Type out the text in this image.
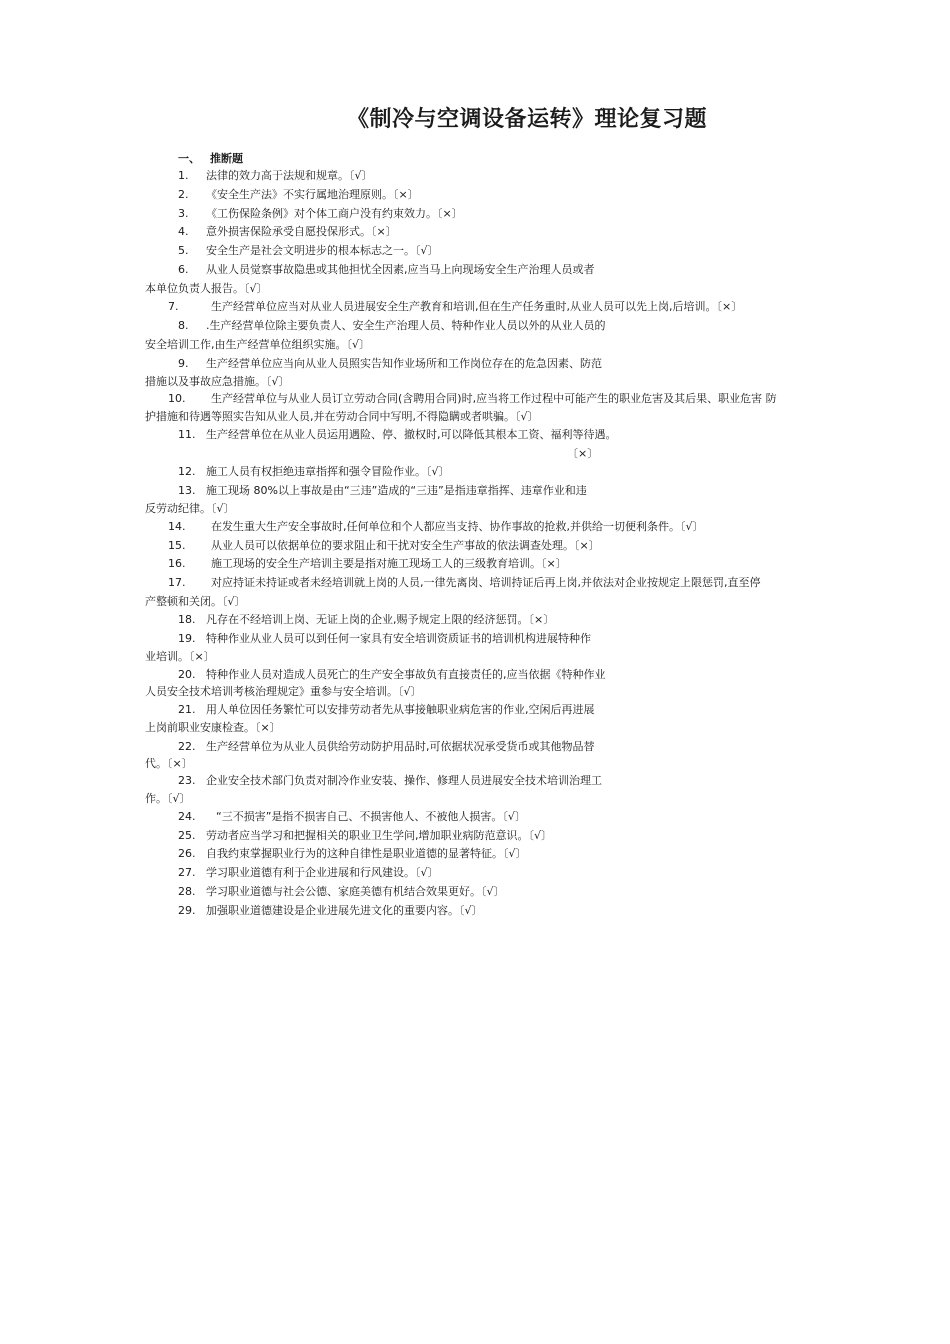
《制冷与空调设备运转》理论复习题
一、 推断题
1. 法律的效力高于法规和规章。〔√〕
2. 《安全生产法》不实行属地治理原则。〔×〕
3. 《工伤保险条例》对个体工商户没有约束效力。〔×〕
4. 意外损害保险承受自愿投保形式。〔×〕
5. 安全生产是社会文明进步的根本标志之一。〔√〕
6. 从业人员觉察事故隐患或其他担忧全因素,应当马上向现场安全生产治理人员或者
本单位负责人报告。〔√〕
7.	生产经营单位应当对从业人员进展安全生产教育和培训,但在生产任务重时,从业人员可以先上岗,后培训。〔×〕
8. .生产经营单位除主要负责人、安全生产治理人员、特种作业人员以外的从业人员的
安全培训工作,由生产经营单位组织实施。〔√〕
9. 生产经营单位应当向从业人员照实告知作业场所和工作岗位存在的危急因素、防范
措施以及事故应急措施。〔√〕
10. 生产经营单位与从业人员订立劳动合同(含聘用合同)时,应当将工作过程中可能产生的职业危害及其后果、职业危害 防
护措施和待遇等照实告知从业人员,并在劳动合同中写明,不得隐瞒或者哄骗。〔√〕
11. 生产经营单位在从业人员运用遇险、停、撤权时,可以降低其根本工资、福利等待遇。
〔×〕
12. 施工人员有权拒绝违章指挥和强令冒险作业。〔√〕
13. 施工现场 80%以上事故是由“三违”造成的“三违”是指违章指挥、违章作业和违
反劳动纪律。〔√〕
14. 在发生重大生产安全事故时,任何单位和个人都应当支持、协作事故的抢救,并供给一切便利条件。〔√〕
15. 从业人员可以依据单位的要求阻止和干扰对安全生产事故的依法调查处理。〔×〕
16. 施工现场的安全生产培训主要是指对施工现场工人的三级教育培训。〔×〕
17. 对应持证未持证或者未经培训就上岗的人员,一律先离岗、培训持证后再上岗,并依法对企业按规定上限惩罚,直至停
产整顿和关闭。〔√〕
18. 凡存在不经培训上岗、无证上岗的企业,赐予规定上限的经济惩罚。〔×〕
19. 特种作业从业人员可以到任何一家具有安全培训资质证书的培训机构进展特种作
业培训。〔×〕
20. 特种作业人员对造成人员死亡的生产安全事故负有直接责任的,应当依据《特种作业
人员安全技术培训考核治理规定》重参与安全培训。〔√〕
21. 用人单位因任务繁忙可以安排劳动者先从事接触职业病危害的作业,空闲后再进展
上岗前职业安康检查。〔×〕
22. 生产经营单位为从业人员供给劳动防护用品时,可依据状况承受货币或其他物品替
代。〔×〕
23. 企业安全技术部门负责对制冷作业安装、操作、修理人员进展安全技术培训治理工
作。〔√〕
24. “三不损害”是指不损害自己、不损害他人、不被他人损害。〔√〕
25. 劳动者应当学习和把握相关的职业卫生学问,增加职业病防范意识。〔√〕
26. 自我约束掌握职业行为的这种自律性是职业道德的显著特征。〔√〕
27. 学习职业道德有利于企业进展和行风建设。〔√〕
28. 学习职业道德与社会公德、家庭美德有机结合效果更好。〔√〕
29. 加强职业道德建设是企业进展先进文化的重要内容。〔√〕
